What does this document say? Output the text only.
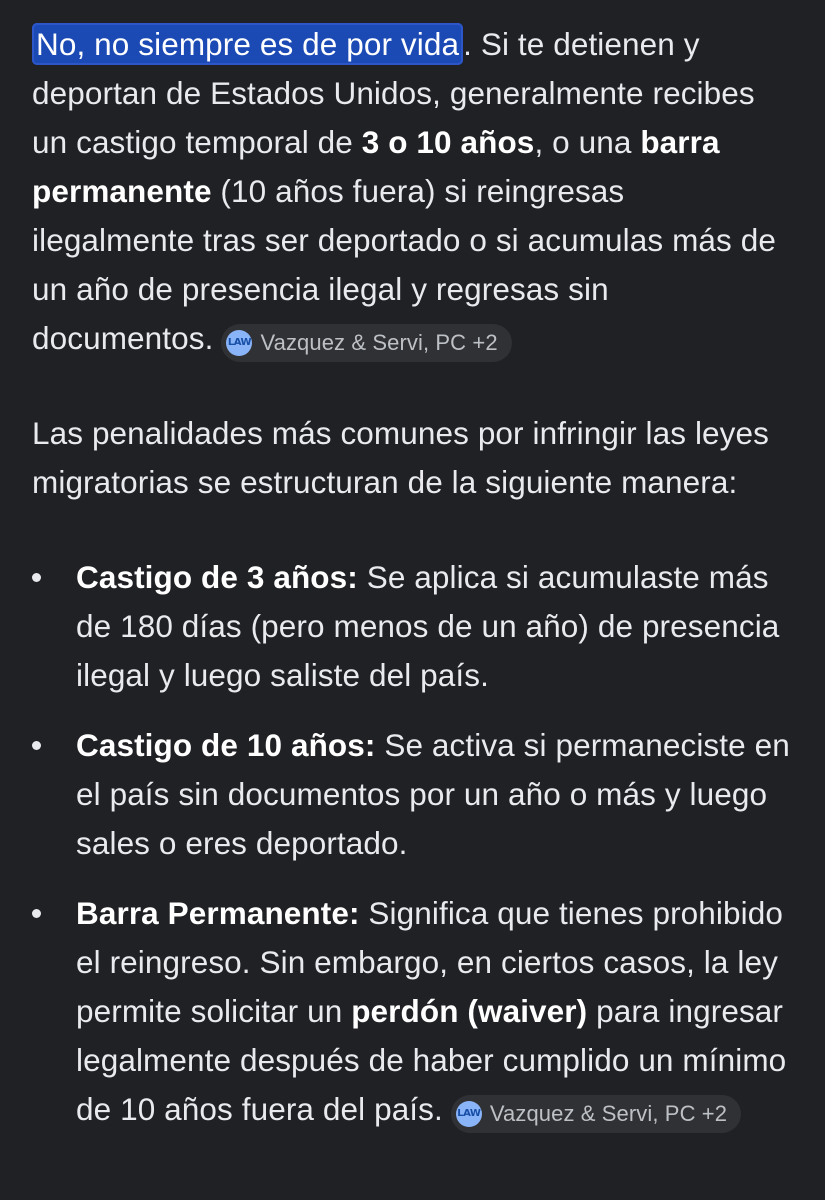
No, no siempre es de por vida . Si te detienen y deportan de Estados Unidos, generalmente recibes un castigo temporal de 3 o 10 años, o una barra permanente (10 años fuera) si reingresas ilegalmente tras ser deportado o si acumulas más de un año de presencia ilegal y regresas sin documentos. LAW Vazquez & Servi, PC +2

Las penalidades más comunes por infringir las leyes migratorias se estructuran de la siguiente manera:

Castigo de 3 años: Se aplica si acumulaste más de 180 días (pero menos de un año) de presencia ilegal y luego saliste del país.
Castigo de 10 años: Se activa si permaneciste en el país sin documentos por un año o más y luego sales o eres deportado.
Barra Permanente: Significa que tienes prohibido el reingreso. Sin embargo, en ciertos casos, la ley permite solicitar un perdón (waiver) para ingresar legalmente después de haber cumplido un mínimo de 10 años fuera del país. LAW Vazquez & Servi, PC +2
